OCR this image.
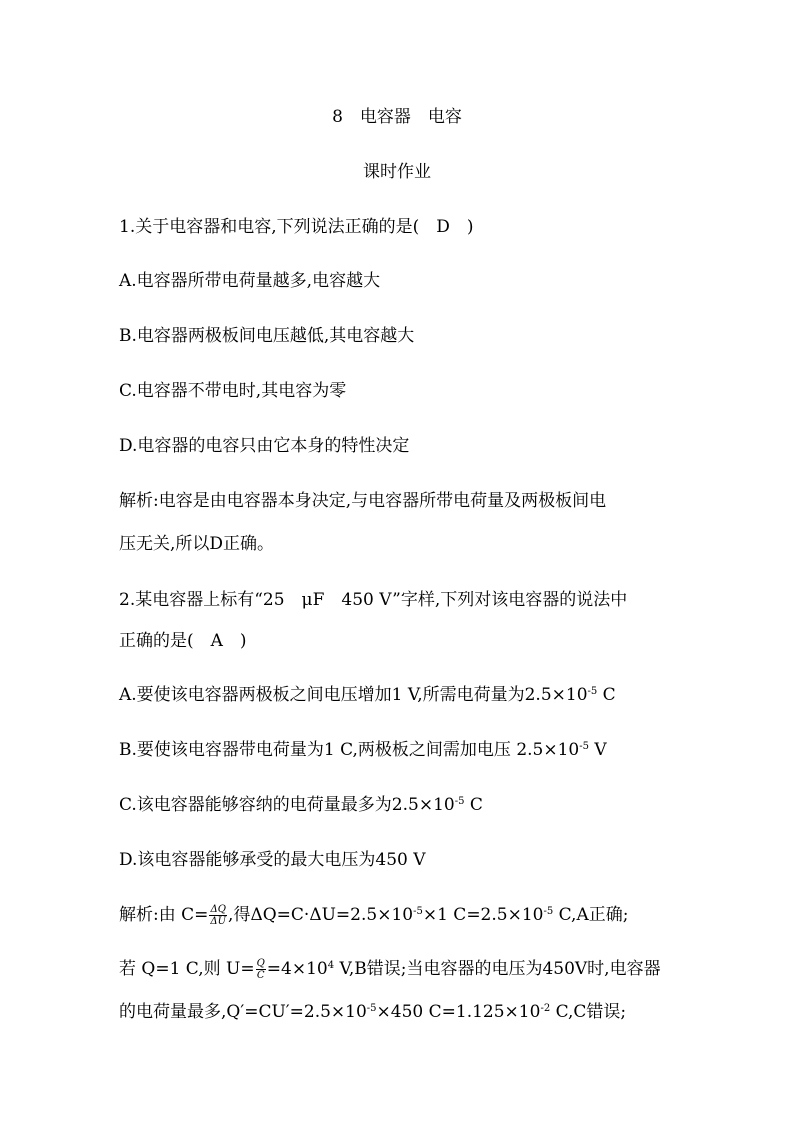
8　电容器　电容
课时作业
1.关于电容器和电容,下列说法正确的是(　D　)
A.电容器所带电荷量越多,电容越大
B.电容器两极板间电压越低,其电容越大
C.电容器不带电时,其电容为零
D.电容器的电容只由它本身的特性决定
解析:电容是由电容器本身决定,与电容器所带电荷量及两极板间电
压无关,所以D正确。
2.某电容器上标有“25　μF　450 V”字样,下列对该电容器的说法中
正确的是(　A　)
A.要使该电容器两极板之间电压增加1 V,所需电荷量为$2.5\times 10^{-5}$ C
B.要使该电容器带电荷量为1 C,两极板之间需加电压 $2.5\times 10^{-5}$ V
C.该电容器能够容纳的电荷量最多为$2.5\times 10^{-5}$ C
D.该电容器能够承受的最大电压为450 V
解析:由 $C= \frac{\Delta Q}{\Delta U}$ ,得$\Delta Q=C\cdot\Delta U=2.5\times 10^{-5}\times 1$ $C=2.5\times 10^{-5}$ C,A正确;
若 Q=1 C,则 $U= \frac{Q}{C} =4\times 10^4$ V,B错误;当电容器的电压为450V时,电容器
的电荷量最多$,Q'=CU'=2.5\times 10^{-5}\times 450$ $C=1.125\times 10^{-2}$ C,C错误;
